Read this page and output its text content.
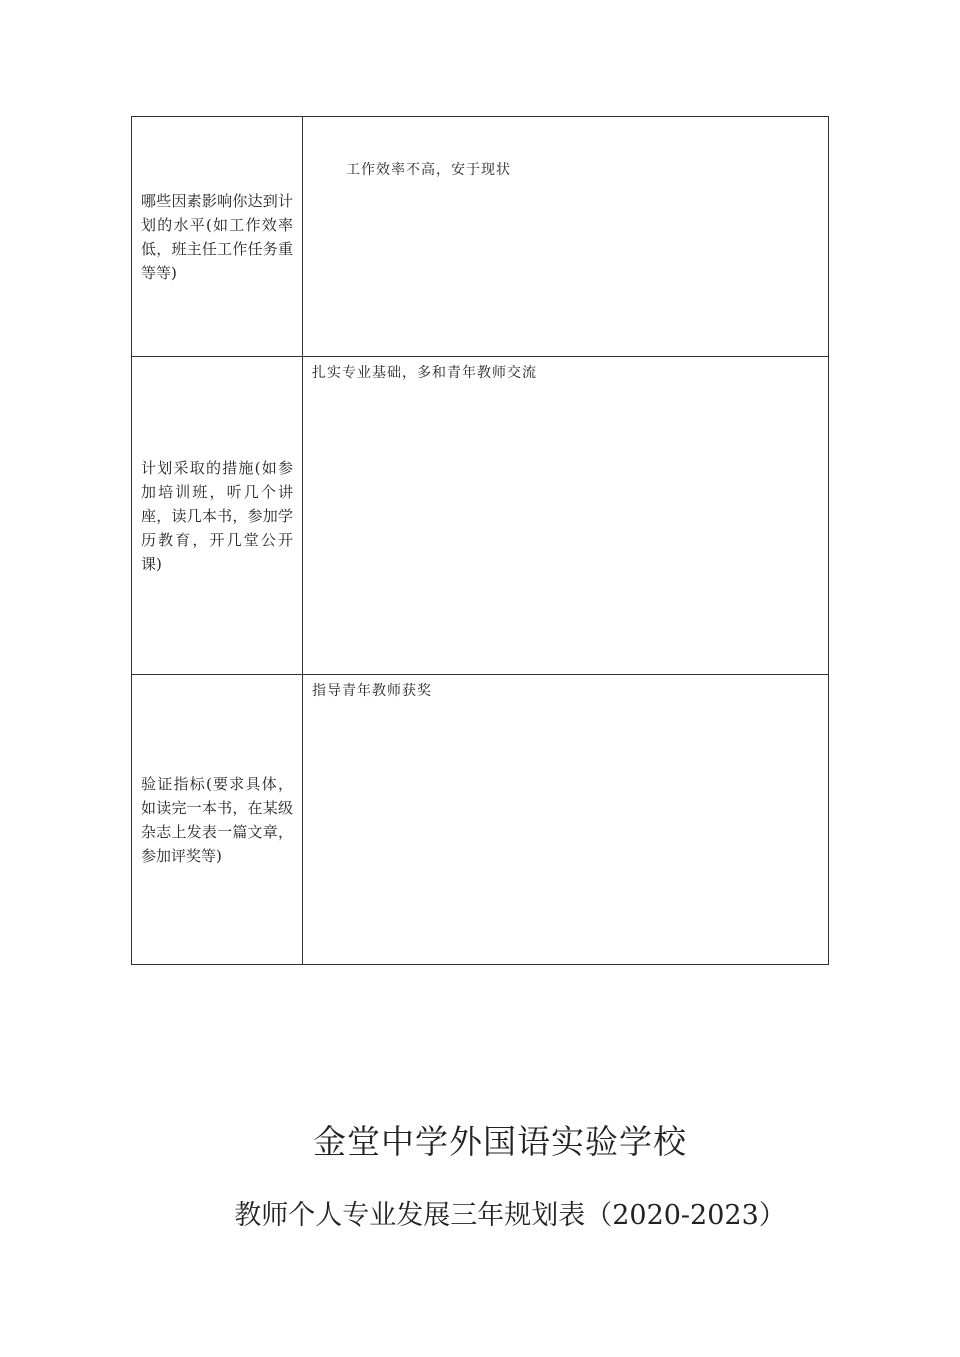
哪些因素影响你达到计划的水平(如工作效率低，班主任工作任务重等等)	工作效率不高，安于现状

计划采取的措施(如参加培训班，听几个讲座，读几本书，参加学历教育，开几堂公开课)	扎实专业基础，多和青年教师交流

验证指标(要求具体，如读完一本书，在某级杂志上发表一篇文章，参加评奖等)	指导青年教师获奖
金堂中学外国语实验学校
教师个人专业发展三年规划表（2020-2023）
